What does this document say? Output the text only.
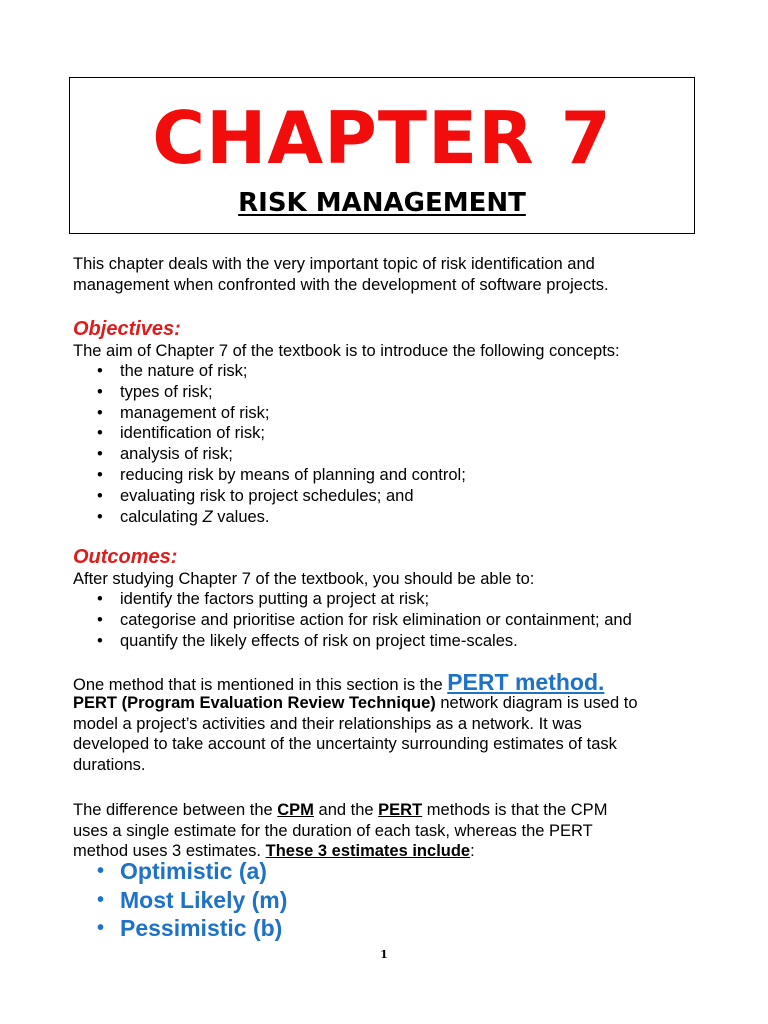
CHAPTER 7
RISK MANAGEMENT

This chapter deals with the very important topic of risk identification and
management when confronted with the development of software projects.

Objectives:

The aim of Chapter 7 of the textbook is to introduce the following concepts:

• the nature of risk;
• types of risk;
• management of risk;
• identification of risk;
• analysis of risk;
• reducing risk by means of planning and control;
• evaluating risk to project schedules; and
• calculating Z values.
Outcomes:

After studying Chapter 7 of the textbook, you should be able to:

• identify the factors putting a project at risk;
• categorise and prioritise action for risk elimination or containment; and
• quantify the likely effects of risk on project time-scales.

One method that is mentioned in this section is the PERT method.

PERT (Program Evaluation Review Technique) network diagram is used to
model a project’s activities and their relationships as a network. It was
developed to take account of the uncertainty surrounding estimates of task
durations.

The difference between the CPM and the PERT methods is that the CPM
uses a single estimate for the duration of each task, whereas the PERT
method uses 3 estimates. These 3 estimates include:

• Optimistic (a)
• Most Likely (m)
• Pessimistic (b)
1
